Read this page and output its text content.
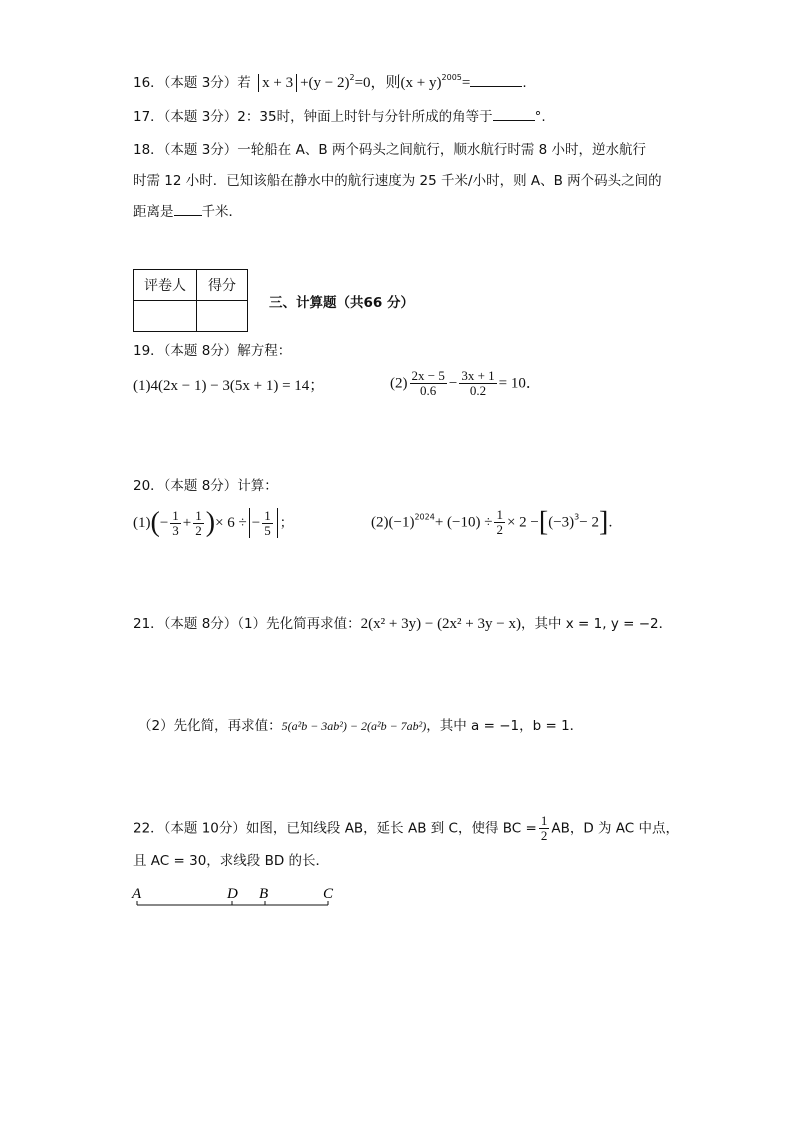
16．（本题 3分）若 $x + 3 +(y - 2)^2=0$，则$(x + y)^{2005}=$	.
17．（本题 3分）2：35时，钟面上时针与分针所成的角等于	°.
18．（本题 3分）一轮船在 A、B 两个码头之间航行，顺水航行时需 8 小时，逆水航行
时需 12 小时．已知该船在静水中的航行速度为 25 千米/小时，则 A、B 两个码头之间的
距离是 千米．
评卷人	得分

三、计算题（共66 分）
19．（本题 8分）解方程：
(1)4(2x − 1) − 3(5x + 1) = 14；	$(2) \frac{2x - 5}{0.6} - \frac{3x + 1}{0.2} = 10$．
20．（本题 8分）计算：
$(1)(- \frac{1}{3} + \frac{1}{2}$ )× 6 ÷ − $\frac{1}{5}$ ；	$(2)(-1)^{2024}+ (-10) \div \frac{1}{2} \times 2 -[(-3)^3- 2]$．
21．（本题 8分）（1）先化简再求值：2(x² + 3y) − (2x² + 3y − x)，其中 x = 1, y = −2．
（2）先化简，再求值：5(a²b − 3ab²) − 2(a²b − 7ab²)，其中 a = −1，b = 1．
22．（本题 10分）如图，已知线段 AB，延长 AB 到 C，使得 BC = $\frac{1}{2}$ AB，D 为 AC 中点，
且 AC = 30，求线段 BD 的长．
A	D B	C
